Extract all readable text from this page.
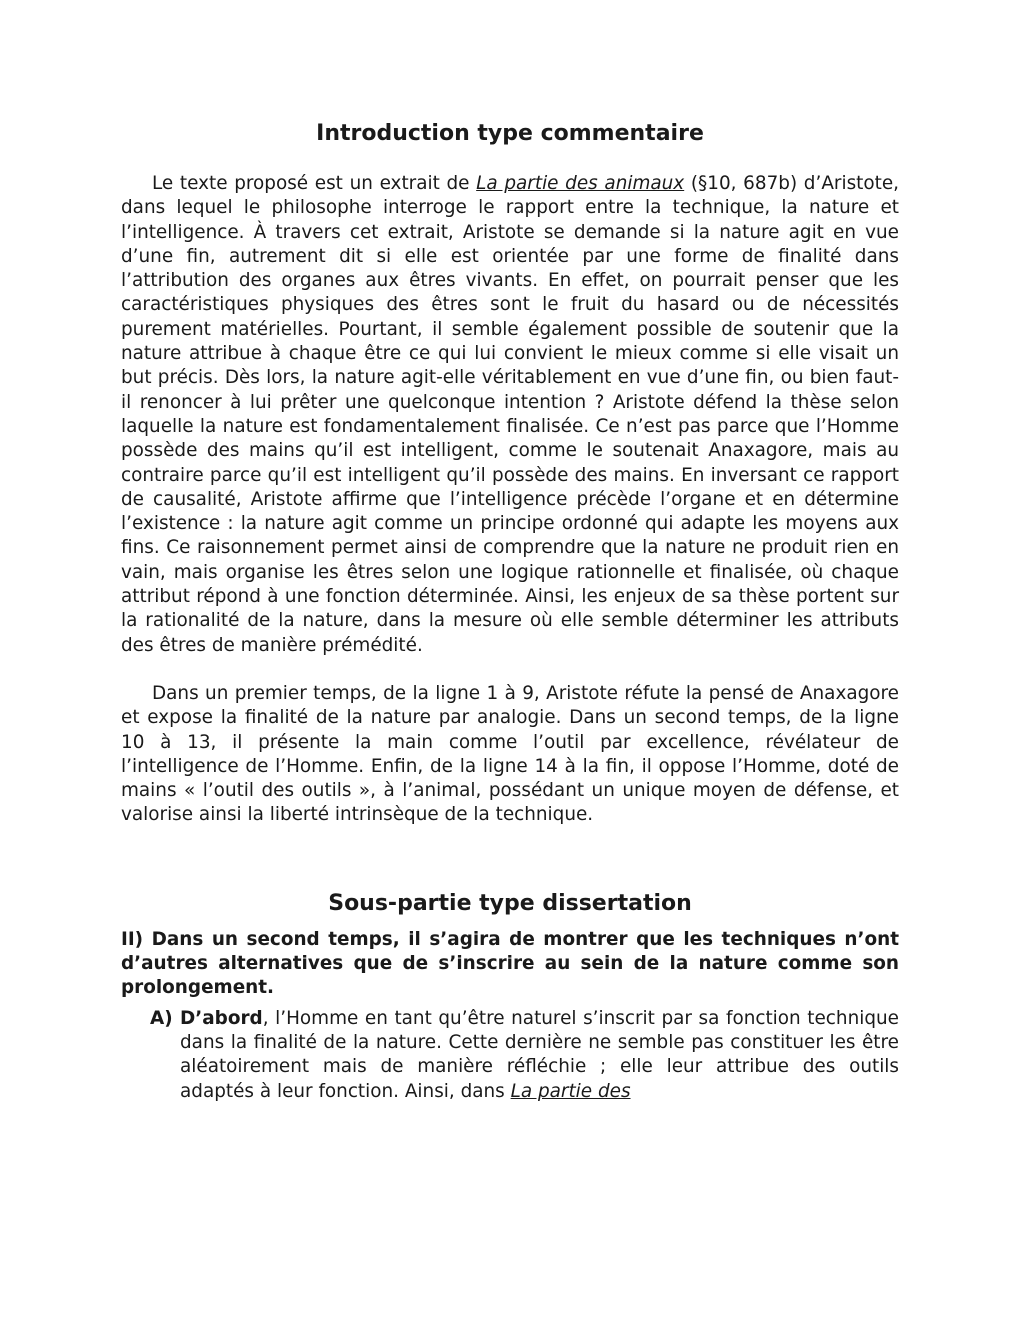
Introduction type commentaire

Le texte proposé est un extrait de La partie des animaux (§10, 687b) d’Aristote, dans lequel le philosophe interroge le rapport entre la technique, la nature et l’intelligence. À travers cet extrait, Aristote se demande si la nature agit en vue d’une fin, autrement dit si elle est orientée par une forme de finalité dans l’attribution des organes aux êtres vivants. En effet, on pourrait penser que les caractéristiques physiques des êtres sont le fruit du hasard ou de nécessités purement matérielles. Pourtant, il semble également possible de soutenir que la nature attribue à chaque être ce qui lui convient le mieux comme si elle visait un but précis. Dès lors, la nature agit-elle véritablement en vue d’une fin, ou bien faut-il renoncer à lui prêter une quelconque intention ? Aristote défend la thèse selon laquelle la nature est fondamentalement finalisée. Ce n’est pas parce que l’Homme possède des mains qu’il est intelligent, comme le soutenait Anaxagore, mais au contraire parce qu’il est intelligent qu’il possède des mains. En inversant ce rapport de causalité, Aristote affirme que l’intelligence précède l’organe et en détermine l’existence : la nature agit comme un principe ordonné qui adapte les moyens aux fins. Ce raisonnement permet ainsi de comprendre que la nature ne produit rien en vain, mais organise les êtres selon une logique rationnelle et finalisée, où chaque attribut répond à une fonction déterminée. Ainsi, les enjeux de sa thèse portent sur la rationalité de la nature, dans la mesure où elle semble déterminer les attributs des êtres de manière prémédité.

Dans un premier temps, de la ligne 1 à 9, Aristote réfute la pensé de Anaxagore et expose la finalité de la nature par analogie. Dans un second temps, de la ligne 10 à 13, il présente la main comme l’outil par excellence, révélateur de l’intelligence de l’Homme. Enfin, de la ligne 14 à la fin, il oppose l’Homme, doté de mains « l’outil des outils », à l’animal, possédant un unique moyen de défense, et valorise ainsi la liberté intrinsèque de la technique.

Sous-partie type dissertation

II) Dans un second temps, il s’agira de montrer que les techniques n’ont d’autres alternatives que de s’inscrire au sein de la nature comme son prolongement.

A) D’abord, l’Homme en tant qu’être naturel s’inscrit par sa fonction technique dans la finalité de la nature. Cette dernière ne semble pas constituer les être aléatoirement mais de manière réfléchie ; elle leur attribue des outils adaptés à leur fonction. Ainsi, dans La partie des
